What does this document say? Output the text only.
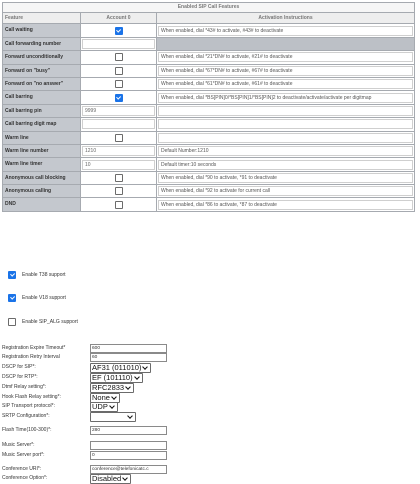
Enabled SIP Call Features		
Feature	Account 0	Activation Instructions
Call waiting		When enabled, dial *43# to activate, #43# to deactivate

Call forwarding number	

Forward unconditionally		When enabled, dial *21*DN# to activate, #21# to deactivate

Forward on "busy"		When enabled, dial *67*DN# to activate, #67# to deactivate

Forward on "no answer"		When enabled, dial *61*DN# to activate, #61# to deactivate

Call barring		When enabled, dial *BS[PIN]0/*BS[PIN]1/*BS[PIN]2 to deactivate/activate/activate per digitmap

Call barring pin	9999	

Call barring digit map	

Warm line	

Warm line number	1210	Default Number:1210

Warm line timer	10	Default timer:10 seconds

Anonymous call blocking		When enabled, dial *90 to activate, *91 to deactivate

Anonymous calling		When enabled, dial *92 to activate for current call

DND		When enabled, dial *86 to activate, *87 to deactivate
Enable T38 support
Enable V18 support
Enable SIP_ALG support
Registration Expire Timeout*	600
Registration Retry Interval	60
DSCP for SIP*:	AF31 (011010)
DSCP for RTP*:	EF (101110)
Dtmf Relay setting*:	RFC2833
Hook Flash Relay setting*:	None
SIP Transport protocol*:	UDP
SRTP Configuration*:
Flash Time(100-300)*:	280
Music Server*:
Music Server port*:	0
Conference URI*:	conference@telefonicatc.c
Conference Option*:	Disabled
